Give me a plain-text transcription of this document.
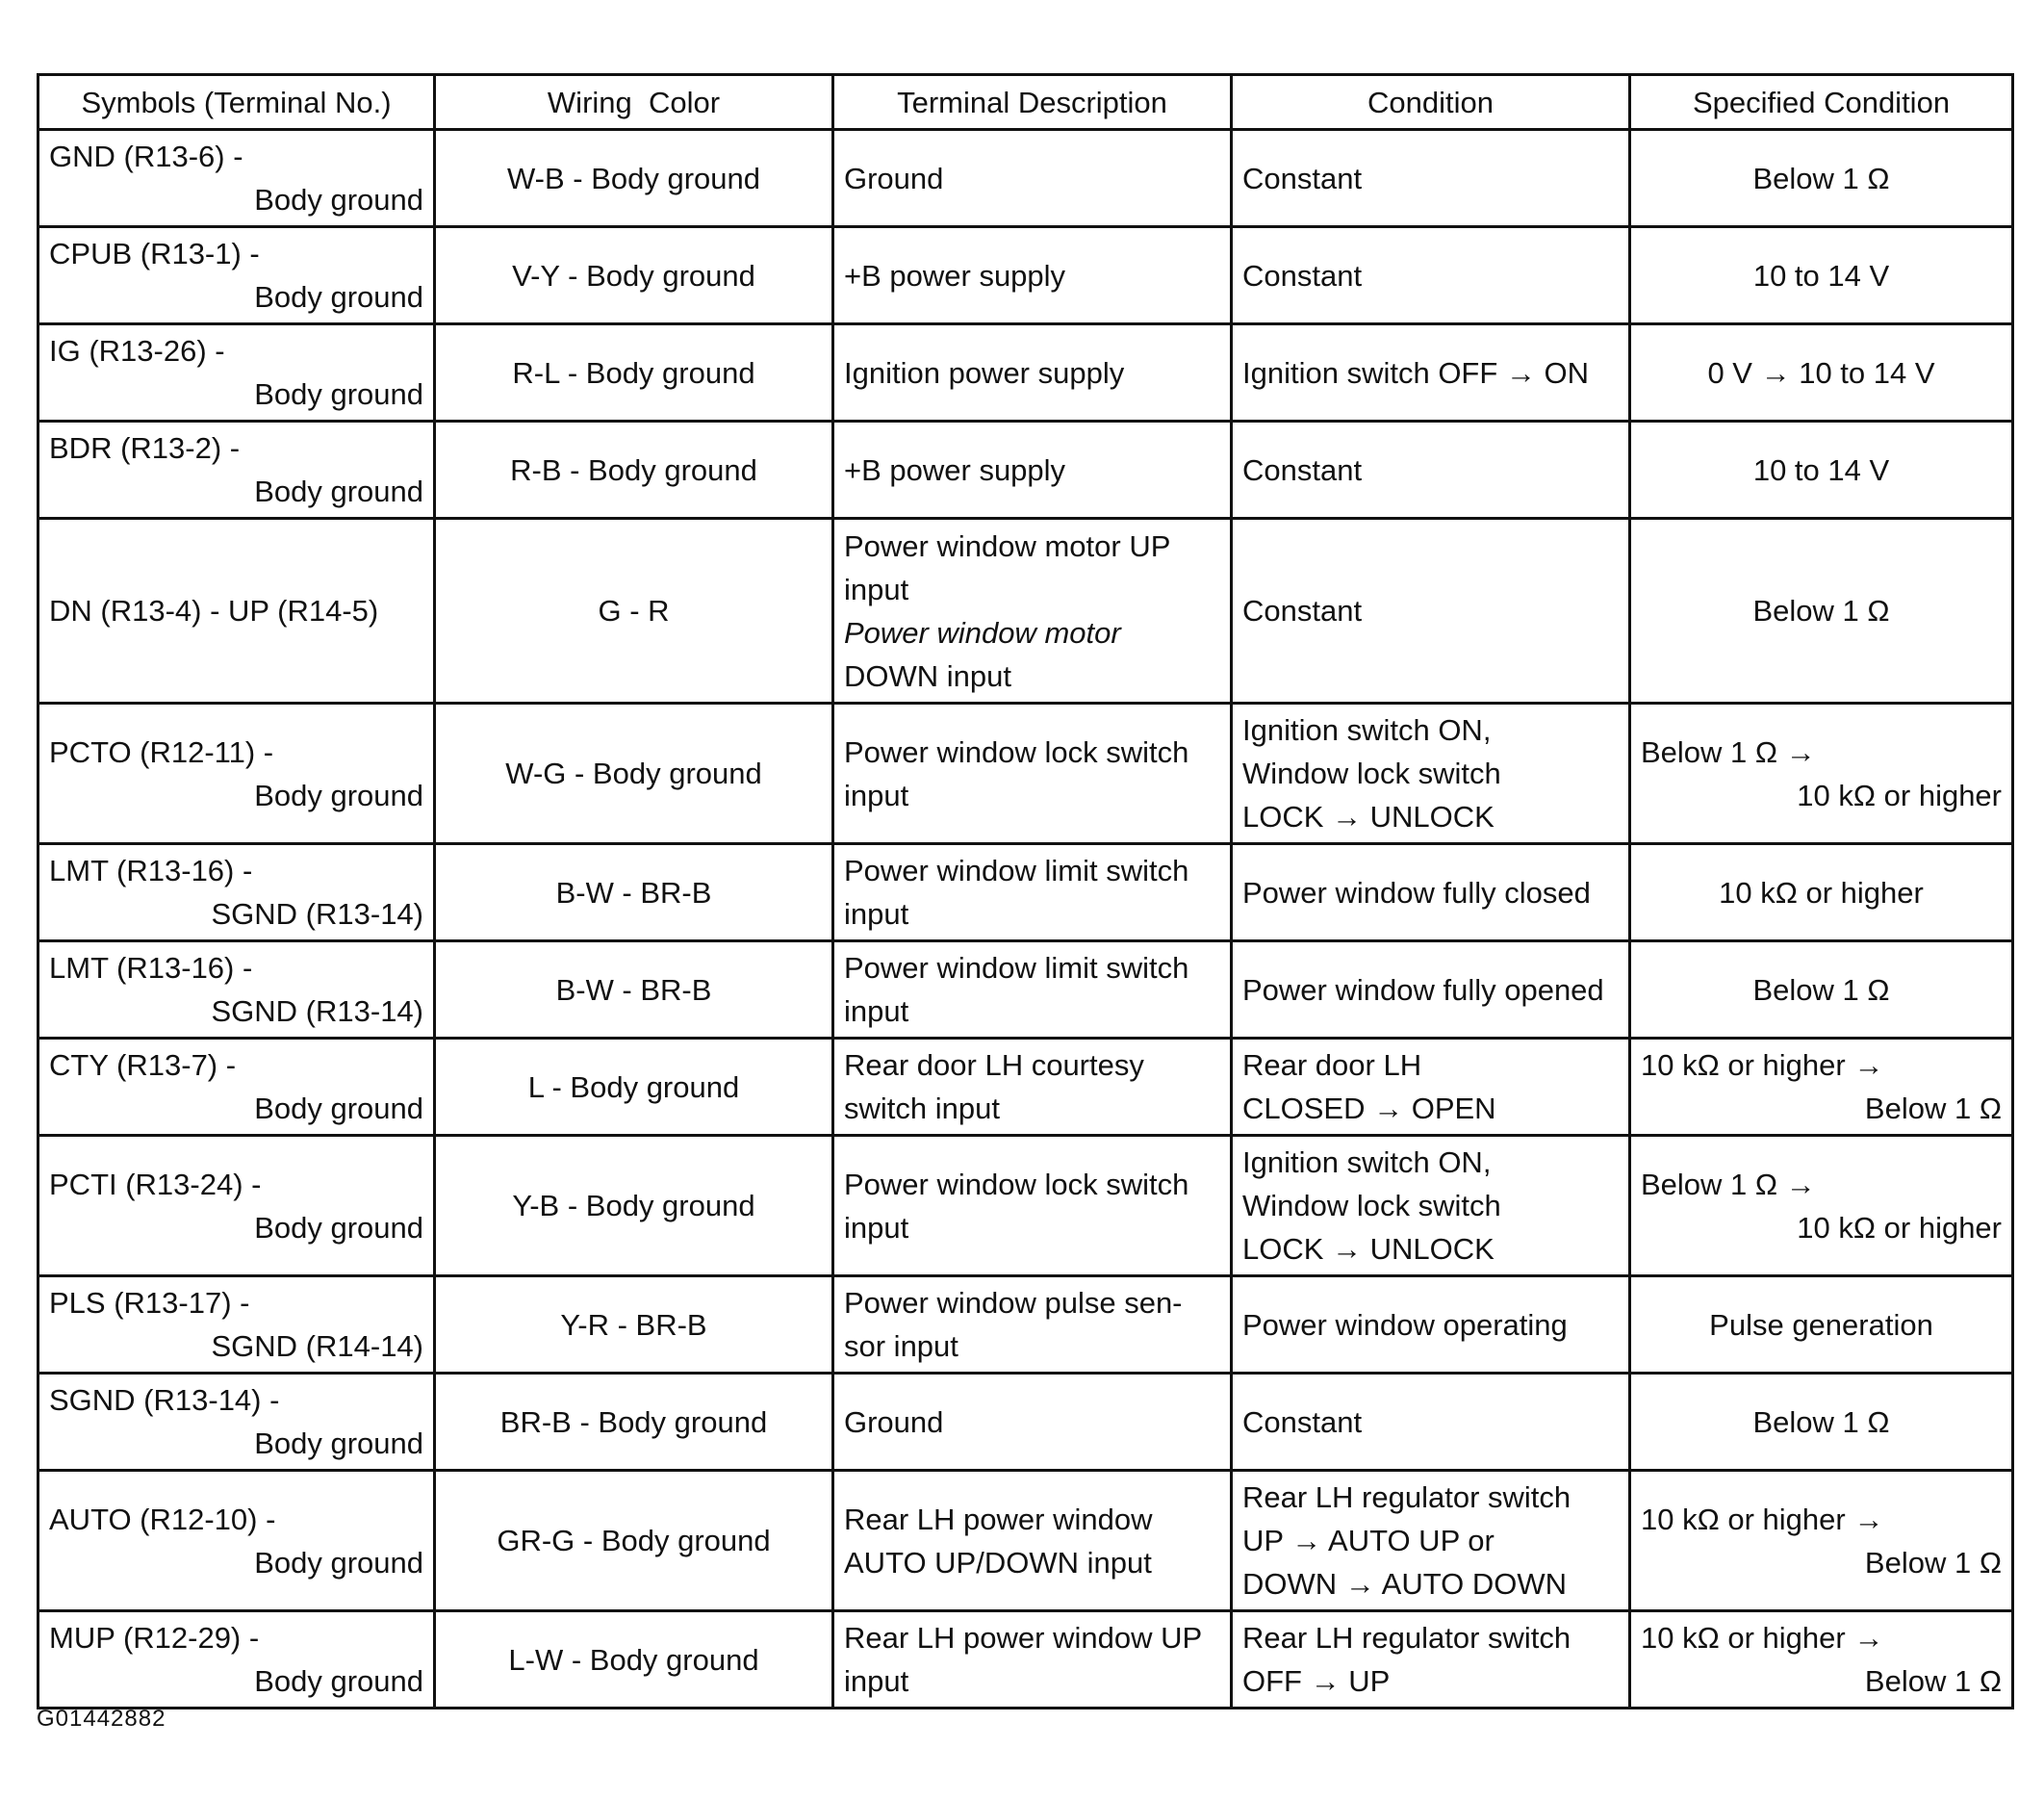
Symbols (Terminal No.)	Wiring  Color	Terminal Description	Condition	Specified Condition

GND (R13-6) -
Body ground	W-B - Body ground	Ground	Constant	Below 1 Ω

CPUB (R13-1) -
Body ground	V-Y - Body ground	+B power supply	Constant	10 to 14 V

IG (R13-26) -
Body ground	R-L - Body ground	Ignition power supply	Ignition switch OFF → ON	0 V → 10 to 14 V

BDR (R13-2) -
Body ground	R-B - Body ground	+B power supply	Constant	10 to 14 V

DN (R13-4) - UP (R14-5)	G - R	Power window motor UP
input
Power window motor
DOWN input	Constant	Below 1 Ω

PCTO (R12-11) -
Body ground	W-G - Body ground	Power window lock switch
input	Ignition switch ON,
Window lock switch
LOCK → UNLOCK	Below 1 Ω →
10 kΩ or higher

LMT (R13-16) -
SGND (R13-14)	B-W - BR-B	Power window limit switch
input	Power window fully closed	10 kΩ or higher

LMT (R13-16) -
SGND (R13-14)	B-W - BR-B	Power window limit switch
input	Power window fully opened	Below 1 Ω

CTY (R13-7) -
Body ground	L - Body ground	Rear door LH courtesy
switch input	Rear door LH
CLOSED → OPEN	10 kΩ or higher →
Below 1 Ω

PCTI (R13-24) -
Body ground	Y-B - Body ground	Power window lock switch
input	Ignition switch ON,
Window lock switch
LOCK → UNLOCK	Below 1 Ω →
10 kΩ or higher

PLS (R13-17) -
SGND (R14-14)	Y-R - BR-B	Power window pulse sen-
sor input	Power window operating	Pulse generation

SGND (R13-14) -
Body ground	BR-B - Body ground	Ground	Constant	Below 1 Ω

AUTO (R12-10) -
Body ground	GR-G - Body ground	Rear LH power window
AUTO UP/DOWN input	Rear LH regulator switch
UP → AUTO UP or
DOWN → AUTO DOWN	10 kΩ or higher →
Below 1 Ω

MUP (R12-29) -
Body ground	L-W - Body ground	Rear LH power window UP
input	Rear LH regulator switch
OFF → UP	10 kΩ or higher →
Below 1 Ω
G01442882
